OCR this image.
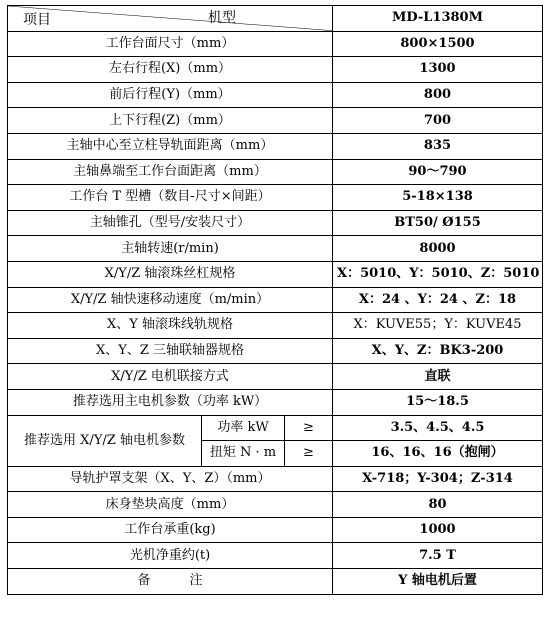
机型
项目			MD-L1380M
工作台面尺寸（mm）			800×1500
左右行程(X)（mm）			1300
前后行程(Y)（mm）			800
上下行程(Z)（mm）			700
主轴中心至立柱导轨面距离（mm）			835
主轴鼻端至工作台面距离（mm）			90～790
工作台 T 型槽（数目-尺寸×间距）			5-18×138
主轴锥孔（型号/安装尺寸）			BT50/ Ø155
主轴转速(r/min)			8000
X/Y/Z 轴滚珠丝杠规格			X：5010、Y：5010、Z：5010
X/Y/Z 轴快速移动速度（m/min）			X：24 、Y：24 、Z：18
X、Y 轴滚珠线轨规格			X：KUVE55；Y：KUVE45
X、Y、Z 三轴联轴器规格			X、Y、Z：BK3-200
X/Y/Z 电机联接方式			直联
推荐选用主电机参数（功率 kW）			15～18.5
推荐选用 X/Y/Z 轴电机参数	功率 kW	≥	3.5、4.5、4.5
	扭矩 N · m	≥	16、16、16（抱闸）
导轨护罩支架（X、Y、Z）（mm）			X-718；Y-304；Z-314
床身垫块高度（mm）			80
工作台承重(kg)			1000
光机净重约(t)			7.5 T
备　　　注			Y 轴电机后置
